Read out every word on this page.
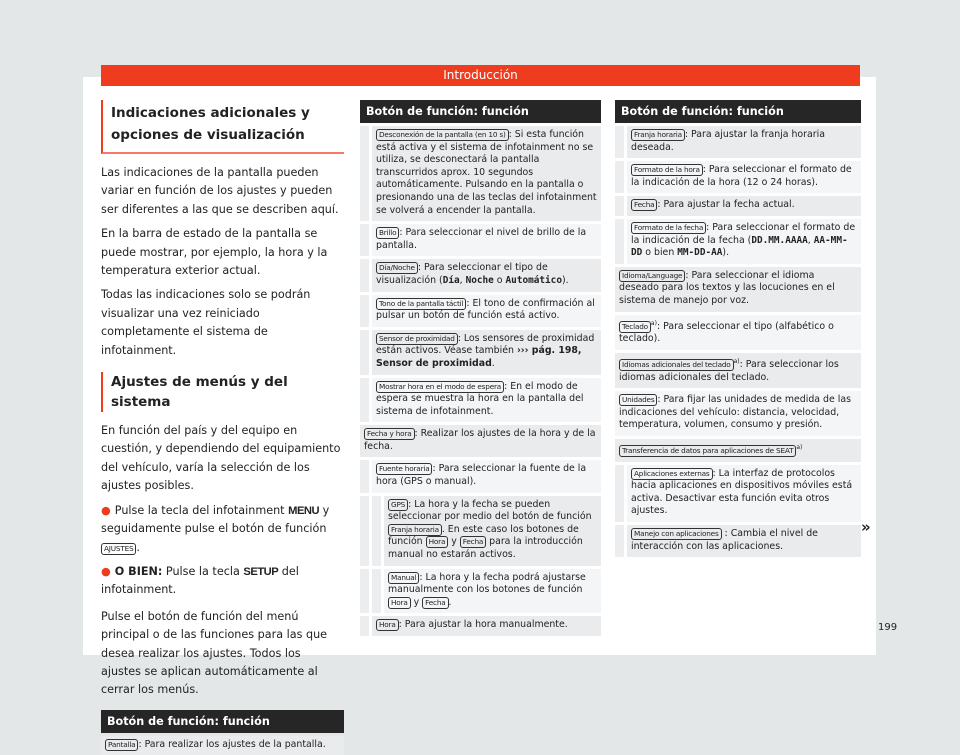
Introducción
Indicaciones adicionales y opciones de visualización

Las indicaciones de la pantalla pueden variar en función de los ajustes y pueden ser diferentes a las que se describen aquí.

En la barra de estado de la pantalla se puede mostrar, por ejemplo, la hora y la temperatura exterior actual.

Todas las indicaciones solo se podrán visualizar una vez reiniciado completamente el sistema de infotainment.

Ajustes de menús y del sistema

En función del país y del equipo en cuestión, y dependiendo del equipamiento del vehículo, varía la selección de los ajustes posibles.

● Pulse la tecla del infotainment MENU y seguidamente pulse el botón de función AJUSTES .

● O BIEN: Pulse la tecla SETUP del infotainment.

Pulse el botón de función del menú principal o de las funciones para las que desea realizar los ajustes. Todos los ajustes se aplican automáticamente al cerrar los menús.

Botón de función: función
Pantalla : Para realizar los ajustes de la pantalla.
Botón de función: función
Desconexión de la pantalla (en 10 s) : Si esta función está activa y el sistema de infotainment no se utiliza, se desconectará la pantalla transcurridos aprox. 10 segundos automáticamente. Pulsando en la pantalla o presionando una de las teclas del infotainment se volverá a encender la pantalla.
Brillo : Para seleccionar el nivel de brillo de la pantalla.
Día/Noche : Para seleccionar el tipo de visualización (Día, Noche o Automático).
Tono de la pantalla táctil : El tono de confirmación al pulsar un botón de función está activo.
Sensor de proximidad : Los sensores de proximidad están activos. Véase también ››› pág. 198, Sensor de proximidad.
Mostrar hora en el modo de espera : En el modo de espera se muestra la hora en la pantalla del sistema de infotainment.
Fecha y hora : Realizar los ajustes de la hora y de la fecha.
Fuente horaria : Para seleccionar la fuente de la hora (GPS o manual).
GPS : La hora y la fecha se pueden seleccionar por medio del botón de función Franja horaria . En este caso los botones de función Hora y Fecha para la introducción manual no estarán activos.
Manual : La hora y la fecha podrá ajustarse manualmente con los botones de función Hora y Fecha .
Hora : Para ajustar la hora manualmente.
Botón de función: función
Franja horaria : Para ajustar la franja horaria deseada.
Formato de la hora : Para seleccionar el formato de la indicación de la hora (12 o 24 horas).
Fecha : Para ajustar la fecha actual.
Formato de la fecha : Para seleccionar el formato de la indicación de la fecha (DD.MM.AAAA, AA-MM-DD o bien MM-DD-AA).
Idioma/Language : Para seleccionar el idioma deseado para los textos y las locuciones en el sistema de manejo por voz.
Teclado $^{a)}$: Para seleccionar el tipo (alfabético o teclado).
Idiomas adicionales del teclado $^{a)}$: Para seleccionar los idiomas adicionales del teclado.
Unidades : Para fijar las unidades de medida de las indicaciones del vehículo: distancia, velocidad, temperatura, volumen, consumo y presión.
Transferencia de datos para aplicaciones de SEAT $^{a)}$
Aplicaciones externas : La interfaz de protocolos hacia aplicaciones en dispositivos móviles está activa. Desactivar esta función evita otros ajustes.
Manejo con aplicaciones : Cambia el nivel de interacción con las aplicaciones.
»
199
